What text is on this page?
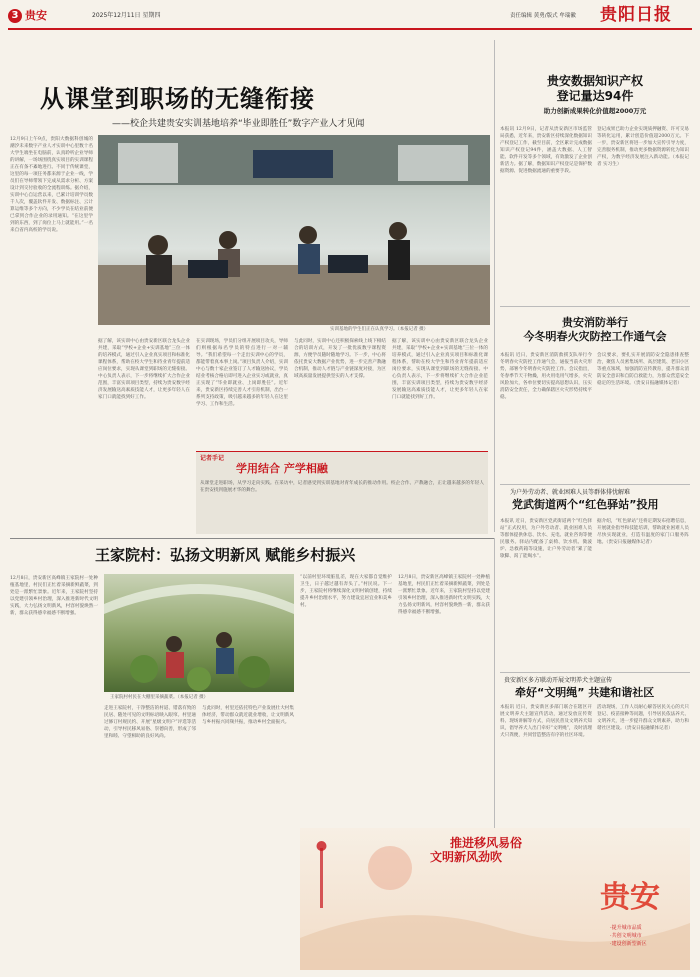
3 贵安	2025年12月11日 星期四	责任编辑 黄勇/版式 牟瑞徽 贵阳日报
从课堂到职场的无缝衔接
——校企共建贵安实训基地培养“毕业即胜任”数字产业人才见闻
12月9日上午9点，贵阳大数据科创城的潮汐未来数字产业人才实训中心里数十名大学生端坐在电脑前，认真聆听企业导师的讲解，一场场围绕真实项目的实训课程正在有条不紊地进行。不同于传统课堂，这里的每一项任务都来源于企业一线，学员们在导师带领下完成从需求分析、方案设计到交付验收的全流程训练。据介绍，实训中心自运营以来，已累计培训学员数千人次，覆盖软件开发、数据标注、云计算运维等多个方向，不少学员在结业前便已拿到合作企业的录用通知。“在这里学到的东西，到了岗位上马上就能用。”一名来自省内高校的学员说。
实训基地的学生们正在认真学习。（本报记者 摄）
据了解，该实训中心由贵安新区联合龙头企业共建，采取“学校+企业+实训基地”三位一体的培养模式，通过引入企业真实项目和标准化课程体系，帮助在校大学生和待业青年提前适应岗位要求，实现从课堂到职场的无缝衔接。中心负责人表示，下一步将继续扩大合作企业范围，丰富实训项目类型，持续为贵安数字经济发展输送高素质技能人才，让更多年轻人在家门口就能找到好工作。
在实训现场，学员们分组开展项目攻关，导师们则根据每名学员的特点进行一对一辅导。“我们希望每一个走出实训中心的学员，都能带着真本事上岗。”项目负责人介绍，实训中心与数十家企业签订了人才输送协议，学员结业考核合格后即可进入企业实习或就业，真正实现了“毕业即就业、上岗即胜任”。近年来，贵安新区持续完善人才引育机制，出台一系列支持政策，吸引越来越多的年轻人在这里学习、工作和生活。
与此同时，实训中心还积极探索线上线下相结合的培训方式，开发了一批优质数字课程资源，方便学员随时随地学习。下一步，中心将依托贵安大数据产业优势，进一步完善产教融合机制，推动人才链与产业链深度对接，为区域高质量发展提供坚实的人才支撑。
据了解，该实训中心由贵安新区联合龙头企业共建，采取“学校+企业+实训基地”三位一体的培养模式，通过引入企业真实项目和标准化课程体系，帮助在校大学生和待业青年提前适应岗位要求，实现从课堂到职场的无缝衔接。中心负责人表示，下一步将继续扩大合作企业范围，丰富实训项目类型，持续为贵安数字经济发展输送高素质技能人才，让更多年轻人在家门口就能找到好工作。
记者手记
学用结合 产学相融
从课堂走进职场，从学习走向实践。在采访中，记者感受到实训基地对青年成长的推动作用。校企合作、产教融合，正让越来越多的年轻人在贵安找到施展才华的舞台。
贵安数据知识产权
登记量达94件
助力创新成果转化价值超2000万元
本报讯 12月9日，记者从贵安新区市场监管局获悉，近年来，贵安新区持续深化数据知识产权登记工作，截至目前，全区累计完成数据知识产权登记94件，涵盖大数据、人工智能、软件开发等多个领域，有效激发了企业创新活力。据了解，数据知识产权登记是保护数据资源、促进数据流通的重要手段。
登记成果已助力企业实现质押融资、许可交易等转化运用，累计创造价值超2000万元。下一步，贵安新区将进一步加大宣传引导力度，完善服务机制，推动更多数据资源转化为知识产权，为数字经济发展注入新动能。（本报记者 实习生）
贵安消防举行
今冬明春火灾防控工作通气会
本报讯 近日，贵安新区消防救援支队举行今冬明春火灾防控工作通气会，通报当前火灾形势，部署今冬明春火灾防控工作。会议指出，冬春季节天干物燥，用火用电用气增多，火灾风险加大，各单位要切实提高思想认识，压实消防安全责任，全力确保辖区火灾形势持续平稳。
会议要求，要扎实开展消防安全隐患排查整治，聚焦人员密集场所、高层建筑、老旧小区等重点领域，加强消防宣传教育，提升群众消防安全意识和自防自救能力，为群众营造安全稳定的生活环境。（贵安日报融媒体记者）
为户外劳动者、就业困难人员等群体排忧解难
党武街道两个“红色驿站”投用
本报讯 近日，贵安新区党武街道两个“红色驿站”正式投用，为户外劳动者、就业困难人员等群体提供休息、饮水、充电、就业咨询等便民服务。驿站内配备了桌椅、饮水机、微波炉、急救药箱等设施，让户外劳动者“累了能歇脚、渴了能喝水”。
据介绍，“红色驿站”还将定期发布招聘信息，开展就业指导和技能培训，帮助就业困难人员尽快实现就业，打造有温度的家门口服务阵地。（贵安日报融媒体记者）
贵安新区多方联动开展文明养犬主题宣传
牵好“文明绳” 共建和谐社区
本报讯 近日，贵安新区多部门联合在辖区开展文明养犬主题宣传活动，通过发放宣传资料、现场讲解等方式，向居民普及文明养犬知识，倡导养犬人出门牵好“文明绳”，及时清理犬只粪便，共同营造整洁有序的社区环境。
活动现场，工作人员耐心解答居民关心的犬只登记、疫苗接种等问题，引导居民依法养犬、文明养犬，进一步提升群众文明素养，助力和谐社区建设。（贵安日报融媒体记者）
王家院村：弘扬文明新风 赋能乡村振兴
12月8日，贵安新区高峰镇王家院村一处种植基地里，村民们正忙着采摘新鲜蔬菜，到处是一派繁忙景象。近年来，王家院村坚持以党建引领乡村治理，深入推进新时代文明实践，大力弘扬文明新风，村容村貌焕然一新，群众获得感幸福感不断增强。
走进王家院村，干净整洁的村道、错落有致的民居、随处可见的文明标语映入眼帘。村里通过修订村规民约、开展“星级文明户”评选等活动，引导村民移风易俗、崇德向善，形成了邻里和睦、守望相助的良好风尚。
与此同时，村里还依托特色产业发展壮大村集体经济，带动群众就近就业增收，让文明新风与乡村振兴同频共振，推动乡村全面振兴。
“以前村里环境脏乱差，现在大家都自觉维护卫生，日子越过越有奔头了。”村民说。下一步，王家院村将继续深化文明村镇创建，持续提升乡村治理水平，努力建设宜居宜业和美乡村。
12月8日，贵安新区高峰镇王家院村一处种植基地里，村民们正忙着采摘新鲜蔬菜，到处是一派繁忙景象。近年来，王家院村坚持以党建引领乡村治理，深入推进新时代文明实践，大力弘扬文明新风，村容村貌焕然一新，群众获得感幸福感不断增强。
王家院村村民在大棚里采摘蔬菜。（本报记者 摄）
推进移风易俗
文明新风劲吹
贵安
·提升城市品质
·共创文明城市
·建设创新型新区
